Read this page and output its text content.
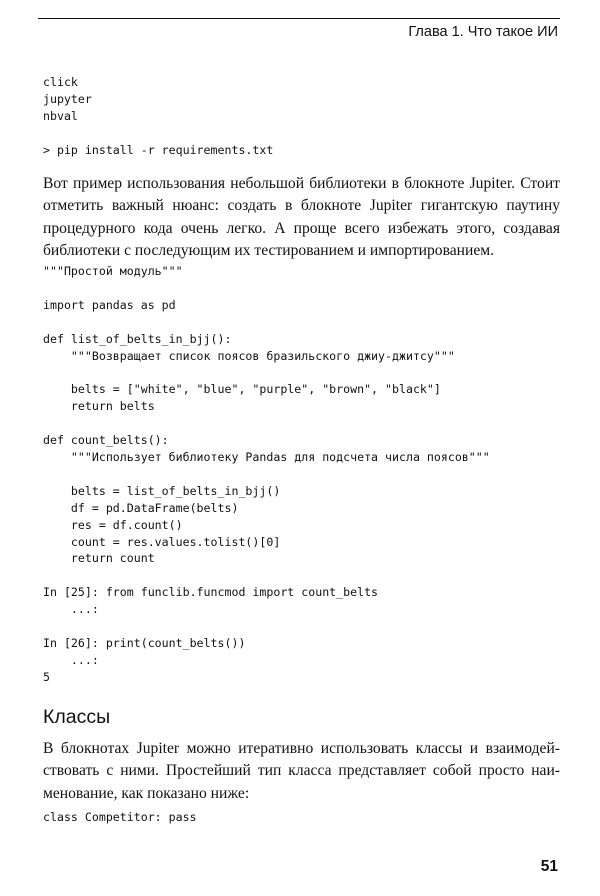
Глава 1. Что такое ИИ
click
jupyter
nbval
> pip install -r requirements.txt

Вот пример использования небольшой библиотеки в блокноте Jupiter. Стоит
отметить важный нюанс: создать в блокноте Jupiter гигантскую паутину
процедурного кода очень легко. А проще всего избежать этого, создавая
библиотеки с последующим их тестированием и импортированием.

"""Простой модуль"""

import pandas as pd

def list_of_belts_in_bjj():
"""Возвращает список поясов бразильского джиу-джитсу"""

belts = ["white", "blue", "purple", "brown", "black"]
return belts

def count_belts():
"""Использует библиотеку Pandas для подсчета числа поясов"""

belts = list_of_belts_in_bjj()
df = pd.DataFrame(belts)
res = df.count()
count = res.values.tolist()[0]
return count

In [25]: from funclib.funcmod import count_belts
...:

In [26]: print(count_belts())
...:
5
Классы

В блокнотах Jupiter можно итеративно использовать классы и взаимодей-
ствовать с ними. Простейший тип класса представляет собой просто наи-
менование, как показано ниже:

class Competitor: pass
51
